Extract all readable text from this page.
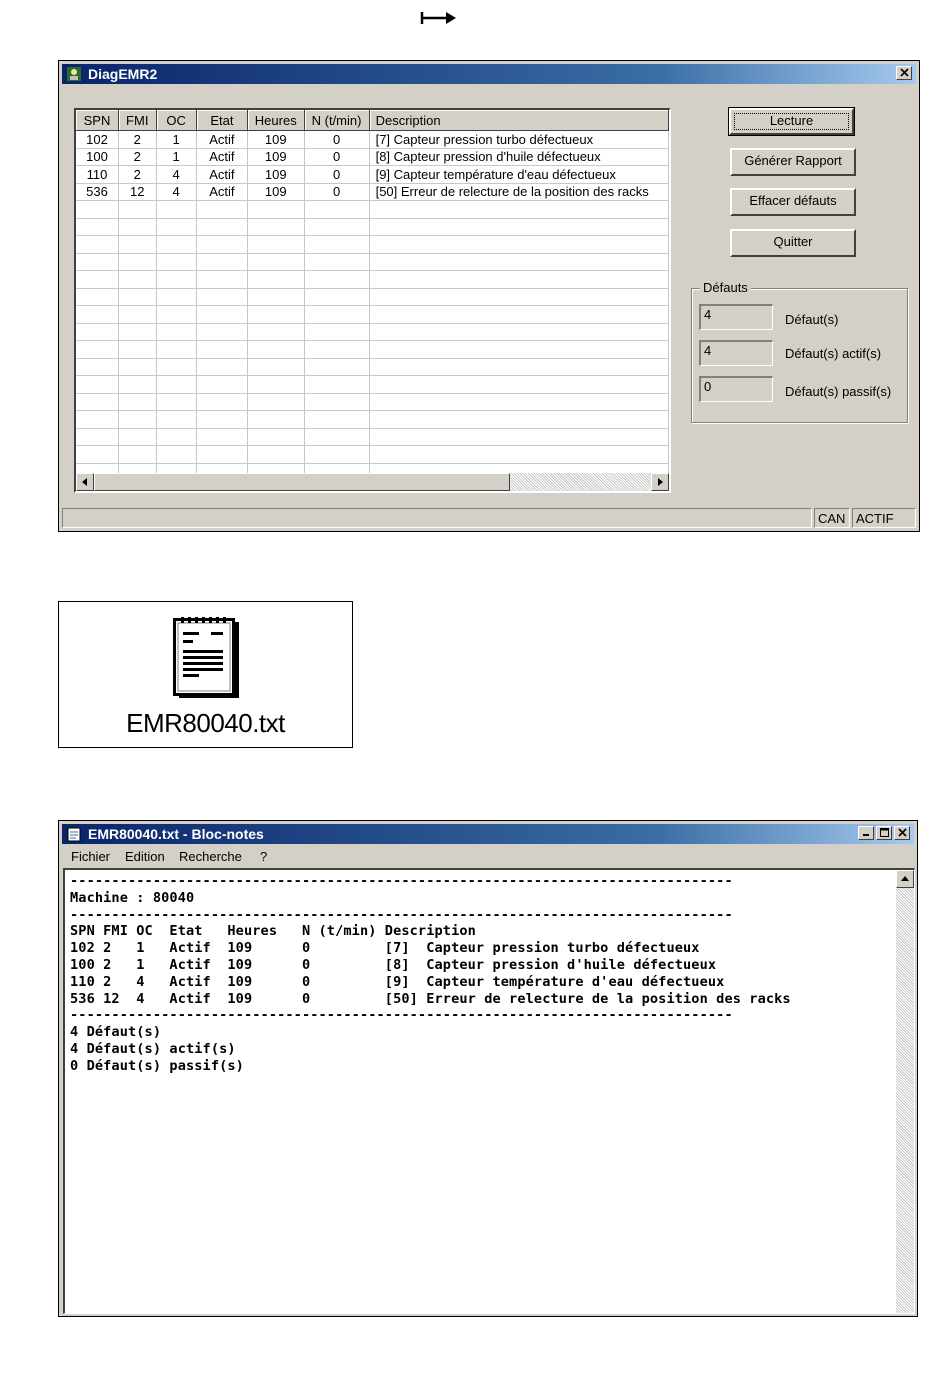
DiagEMR2
SPN	FMI	OC	Etat	Heures	N (t/min)	Description
102	2	1	Actif	109	0	[7] Capteur pression turbo défectueux
100	2	1	Actif	109	0	[8] Capteur pression d'huile défectueux
110	2	4	Actif	109	0	[9] Capteur température d'eau défectueux
536	12	4	Actif	109	0	[50] Erreur de relecture de la position des racks

Lecture
Générer Rapport
Effacer défauts
Quitter
Défauts
4	Défaut(s)
4	Défaut(s) actif(s)
0	Défaut(s) passif(s)
CAN ACTIF
EMR80040.txt
EMR80040.txt - Bloc-notes
Fichier Edition Recherche ?
--------------------------------------------------------------------------------
Machine : 80040
--------------------------------------------------------------------------------
SPN FMI OC  Etat   Heures   N (t/min) Description
102 2   1   Actif  109      0         [7]  Capteur pression turbo défectueux
100 2   1   Actif  109      0         [8]  Capteur pression d'huile défectueux
110 2   4   Actif  109      0         [9]  Capteur température d'eau défectueux
536 12  4   Actif  109      0         [50] Erreur de relecture de la position des racks
--------------------------------------------------------------------------------
4 Défaut(s)
4 Défaut(s) actif(s)
0 Défaut(s) passif(s)
